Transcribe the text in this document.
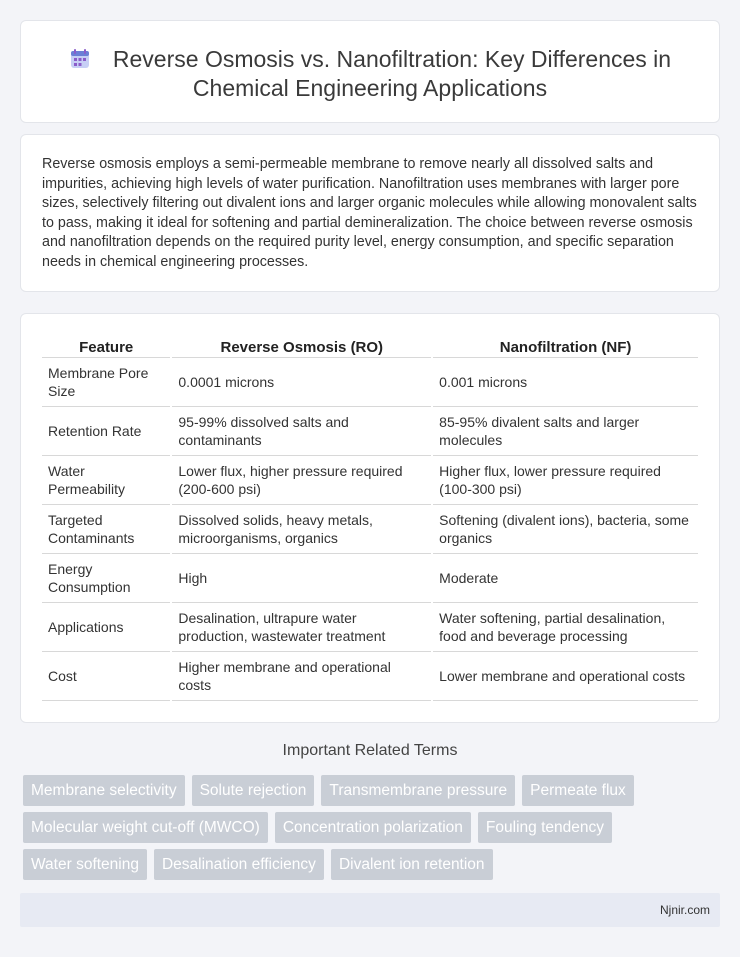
Reverse Osmosis vs. Nanofiltration: Key Differences in
Chemical Engineering Applications

Reverse osmosis employs a semi-permeable membrane to remove nearly all dissolved salts and impurities, achieving high levels of water purification. Nanofiltration uses membranes with larger pore sizes, selectively filtering out divalent ions and larger organic molecules while allowing monovalent salts to pass, making it ideal for softening and partial demineralization. The choice between reverse osmosis and nanofiltration depends on the required purity level, energy consumption, and specific separation needs in chemical engineering processes.

Feature		Reverse Osmosis (RO)		Nanofiltration (NF)
Membrane Pore Size		0.0001 microns		0.001 microns
Retention Rate		95-99% dissolved salts and contaminants		85-95% divalent salts and larger molecules
Water Permeability		Lower flux, higher pressure required (200-600 psi)		Higher flux, lower pressure required (100-300 psi)
Targeted Contaminants		Dissolved solids, heavy metals, microorganisms, organics		Softening (divalent ions), bacteria, some organics
Energy Consumption		High		Moderate
Applications		Desalination, ultrapure water production, wastewater treatment		Water softening, partial desalination, food and beverage processing
Cost		Higher membrane and operational costs		Lower membrane and operational costs
Important Related Terms
Membrane selectivity	Solute rejection	Transmembrane pressure	Permeate flux
Molecular weight cut-off (MWCO)	Concentration polarization	Fouling tendency
Water softening	Desalination efficiency	Divalent ion retention
Njnir.com
